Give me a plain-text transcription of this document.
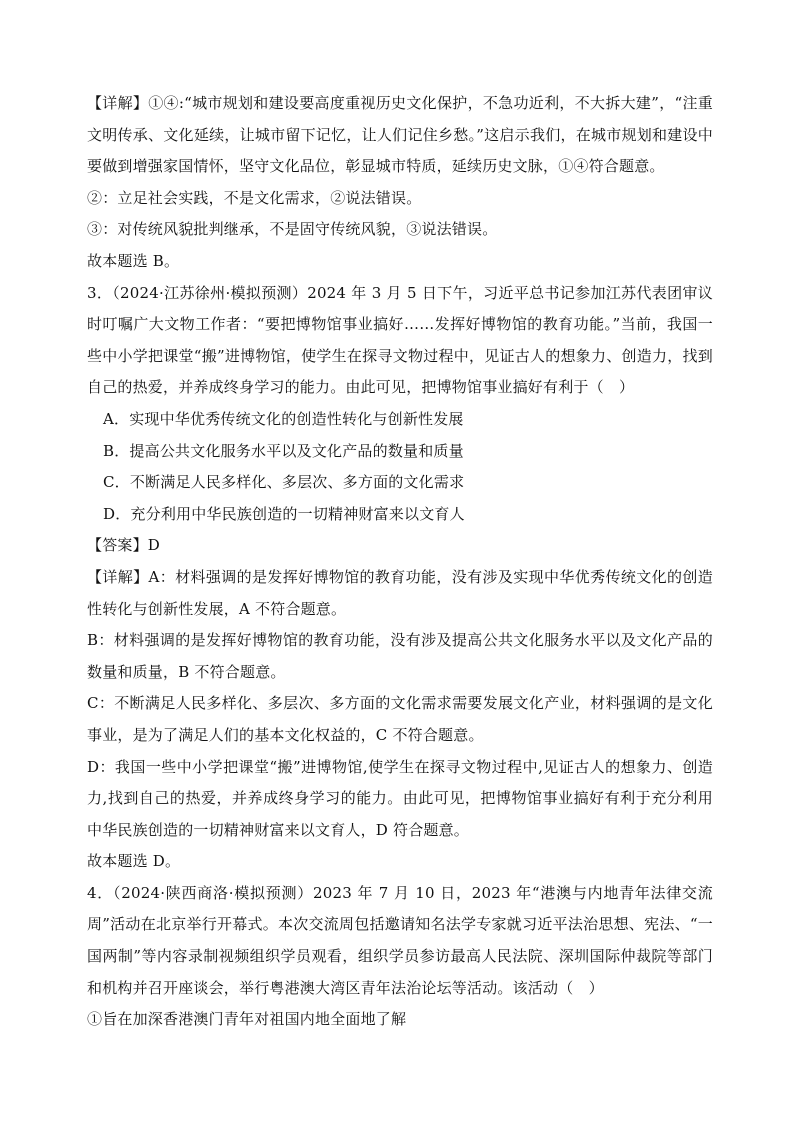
【详解】①④:“城市规划和建设要高度重视历史文化保护，不急功近利，不大拆大建”，“注重文明传承、文化延续，让城市留下记忆，让人们记住乡愁。”这启示我们，在城市规划和建设中要做到增强家国情怀，坚守文化品位，彰显城市特质，延续历史文脉，①④符合题意。
②：立足社会实践，不是文化需求，②说法错误。
③：对传统风貌批判继承，不是固守传统风貌，③说法错误。
故本题选 B。
3．（2024·江苏徐州·模拟预测）2024 年 3 月 5 日下午，习近平总书记参加江苏代表团审议时叮嘱广大文物工作者：“要把博物馆事业搞好……发挥好博物馆的教育功能。”当前，我国一些中小学把课堂“搬”进博物馆，使学生在探寻文物过程中，见证古人的想象力、创造力，找到自己的热爱，并养成终身学习的能力。由此可见，把博物馆事业搞好有利于（　）
A．实现中华优秀传统文化的创造性转化与创新性发展
B．提高公共文化服务水平以及文化产品的数量和质量
C．不断满足人民多样化、多层次、多方面的文化需求
D．充分利用中华民族创造的一切精神财富来以文育人
【答案】D
【详解】A：材料强调的是发挥好博物馆的教育功能，没有涉及实现中华优秀传统文化的创造性转化与创新性发展，A 不符合题意。
B：材料强调的是发挥好博物馆的教育功能，没有涉及提高公共文化服务水平以及文化产品的数量和质量，B 不符合题意。
C：不断满足人民多样化、多层次、多方面的文化需求需要发展文化产业，材料强调的是文化事业，是为了满足人们的基本文化权益的，C 不符合题意。
D：我国一些中小学把课堂“搬”进博物馆,使学生在探寻文物过程中,见证古人的想象力、创造力,找到自己的热爱，并养成终身学习的能力。由此可见，把博物馆事业搞好有利于充分利用中华民族创造的一切精神财富来以文育人，D 符合题意。
故本题选 D。
4．（2024·陕西商洛·模拟预测）2023 年 7 月 10 日，2023 年“港澳与内地青年法律交流周”活动在北京举行开幕式。本次交流周包括邀请知名法学专家就习近平法治思想、宪法、“一国两制”等内容录制视频组织学员观看，组织学员参访最高人民法院、深圳国际仲裁院等部门和机构并召开座谈会，举行粤港澳大湾区青年法治论坛等活动。该活动（　）
①旨在加深香港澳门青年对祖国内地全面地了解
